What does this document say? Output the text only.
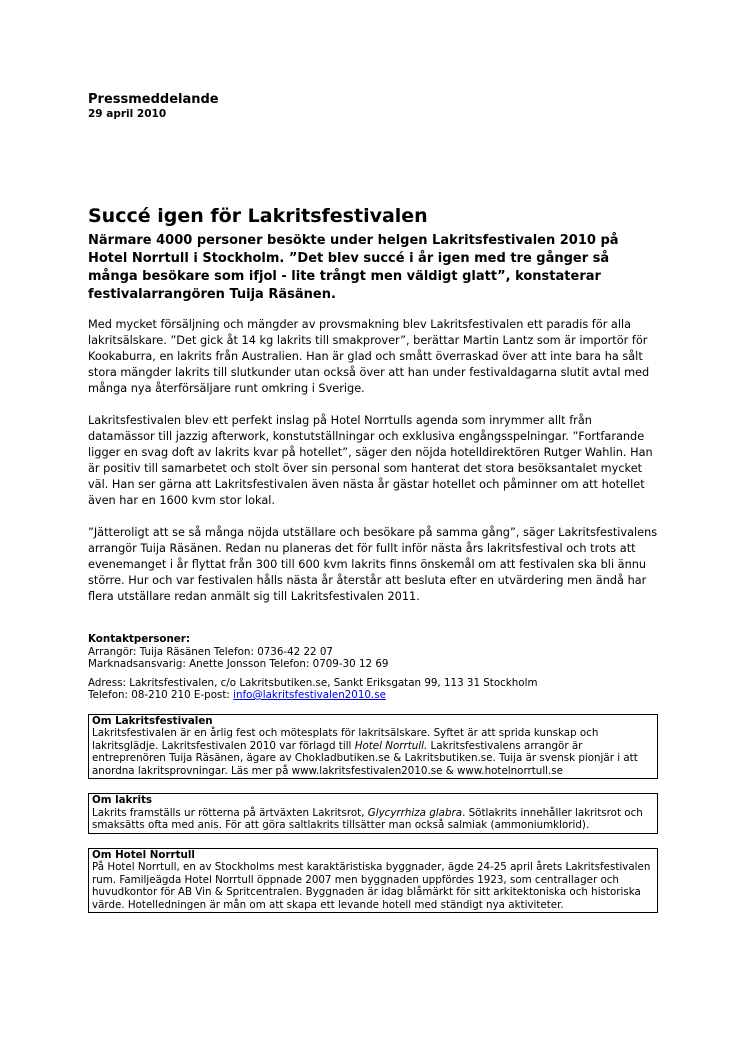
Pressmeddelande

29 april 2010

Succé igen för Lakritsfestivalen

Närmare 4000 personer besökte under helgen Lakritsfestivalen 2010 på Hotel Norrtull i Stockholm. ”Det blev succé i år igen med tre gånger så många besökare som ifjol - lite trångt men väldigt glatt”, konstaterar festivalarrangören Tuija Räsänen.

Med mycket försäljning och mängder av provsmakning blev Lakritsfestivalen ett paradis för alla lakritsälskare. ”Det gick åt 14 kg lakrits till smakprover”, berättar Martin Lantz som är importör för Kookaburra, en lakrits från Australien. Han är glad och smått överraskad över att inte bara ha sålt stora mängder lakrits till slutkunder utan också över att han under festivaldagarna slutit avtal med många nya återförsäljare runt omkring i Sverige.

Lakritsfestivalen blev ett perfekt inslag på Hotel Norrtulls agenda som inrymmer allt från datamässor till jazzig afterwork, konstutställningar och exklusiva engångsspelningar. ”Fortfarande ligger en svag doft av lakrits kvar på hotellet”, säger den nöjda hotelldirektören Rutger Wahlin. Han är positiv till samarbetet och stolt över sin personal som hanterat det stora besöksantalet mycket väl. Han ser gärna att Lakritsfestivalen även nästa år gästar hotellet och påminner om att hotellet även har en 1600 kvm stor lokal.

”Jätteroligt att se så många nöjda utställare och besökare på samma gång”, säger Lakritsfestivalens arrangör Tuija Räsänen. Redan nu planeras det för fullt inför nästa års lakritsfestival och trots att evenemanget i år flyttat från 300 till 600 kvm lakrits finns önskemål om att festivalen ska bli ännu större. Hur och var festivalen hålls nästa år återstår att besluta efter en utvärdering men ändå har flera utställare redan anmält sig till Lakritsfestivalen 2011.

Kontaktpersoner:
Arrangör: Tuija Räsänen Telefon: 0736-42 22 07
Marknadsansvarig: Anette Jonsson Telefon: 0709-30 12 69
Adress: Lakritsfestivalen, c/o Lakritsbutiken.se, Sankt Eriksgatan 99, 113 31 Stockholm
Telefon: 08-210 210 E-post: info@lakritsfestivalen2010.se
Om Lakritsfestivalen
Lakritsfestivalen är en årlig fest och mötesplats för lakritsälskare. Syftet är att sprida kunskap och lakritsglädje. Lakritsfestivalen 2010 var förlagd till Hotel Norrtull. Lakritsfestivalens arrangör är entreprenören Tuija Räsänen, ägare av Chokladbutiken.se & Lakritsbutiken.se. Tuija är svensk pionjär i att anordna lakritsprovningar. Läs mer på www.lakritsfestivalen2010.se & www.hotelnorrtull.se
Om lakrits
Lakrits framställs ur rötterna på ärtväxten Lakritsrot, Glycyrrhiza glabra. Sötlakrits innehåller lakritsrot och smaksätts ofta med anis. För att göra saltlakrits tillsätter man också salmiak (ammoniumklorid).
Om Hotel Norrtull
På Hotel Norrtull, en av Stockholms mest karaktäristiska byggnader, ägde 24-25 april årets Lakritsfestivalen rum. Familjeägda Hotel Norrtull öppnade 2007 men byggnaden uppfördes 1923, som centrallager och huvudkontor för AB Vin & Spritcentralen. Byggnaden är idag blåmärkt för sitt arkitektoniska och historiska värde. Hotelledningen är mån om att skapa ett levande hotell med ständigt nya aktiviteter.
